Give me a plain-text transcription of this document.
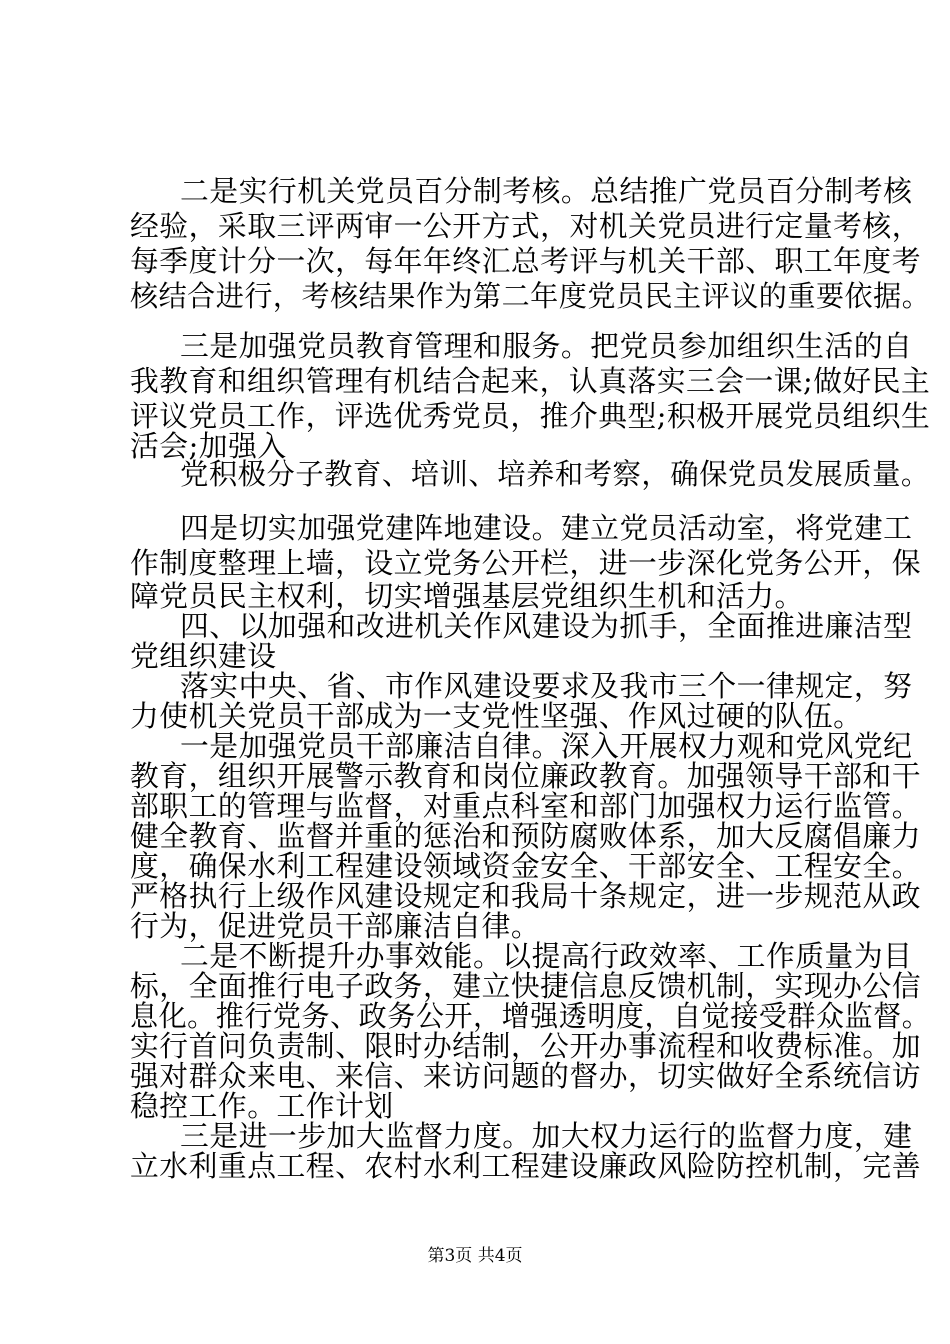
二是实行机关党员百分制考核。总结推广党员百分制考核
经验，采取三评两审一公开方式，对机关党员进行定量考核，
每季度计分一次，每年年终汇总考评与机关干部、职工年度考
核结合进行，考核结果作为第二年度党员民主评议的重要依据。
三是加强党员教育管理和服务。把党员参加组织生活的自
我教育和组织管理有机结合起来，认真落实三会一课;做好民主
评议党员工作，评选优秀党员，推介典型;积极开展党员组织生
活会;加强入
党积极分子教育、培训、培养和考察，确保党员发展质量。
四是切实加强党建阵地建设。建立党员活动室，将党建工
作制度整理上墙，设立党务公开栏，进一步深化党务公开，保
障党员民主权利，切实增强基层党组织生机和活力。
四、以加强和改进机关作风建设为抓手，全面推进廉洁型
党组织建设
落实中央、省、市作风建设要求及我市三个一律规定，努
力使机关党员干部成为一支党性坚强、作风过硬的队伍。
一是加强党员干部廉洁自律。深入开展权力观和党风党纪
教育，组织开展警示教育和岗位廉政教育。加强领导干部和干
部职工的管理与监督，对重点科室和部门加强权力运行监管。
健全教育、监督并重的惩治和预防腐败体系，加大反腐倡廉力
度，确保水利工程建设领域资金安全、干部安全、工程安全。
严格执行上级作风建设规定和我局十条规定，进一步规范从政
行为，促进党员干部廉洁自律。
二是不断提升办事效能。以提高行政效率、工作质量为目
标，全面推行电子政务，建立快捷信息反馈机制，实现办公信
息化。推行党务、政务公开，增强透明度，自觉接受群众监督。
实行首问负责制、限时办结制，公开办事流程和收费标准。加
强对群众来电、来信、来访问题的督办，切实做好全系统信访
稳控工作。工作计划
三是进一步加大监督力度。加大权力运行的监督力度，建
立水利重点工程、农村水利工程建设廉政风险防控机制，完善
第3页 共4页
